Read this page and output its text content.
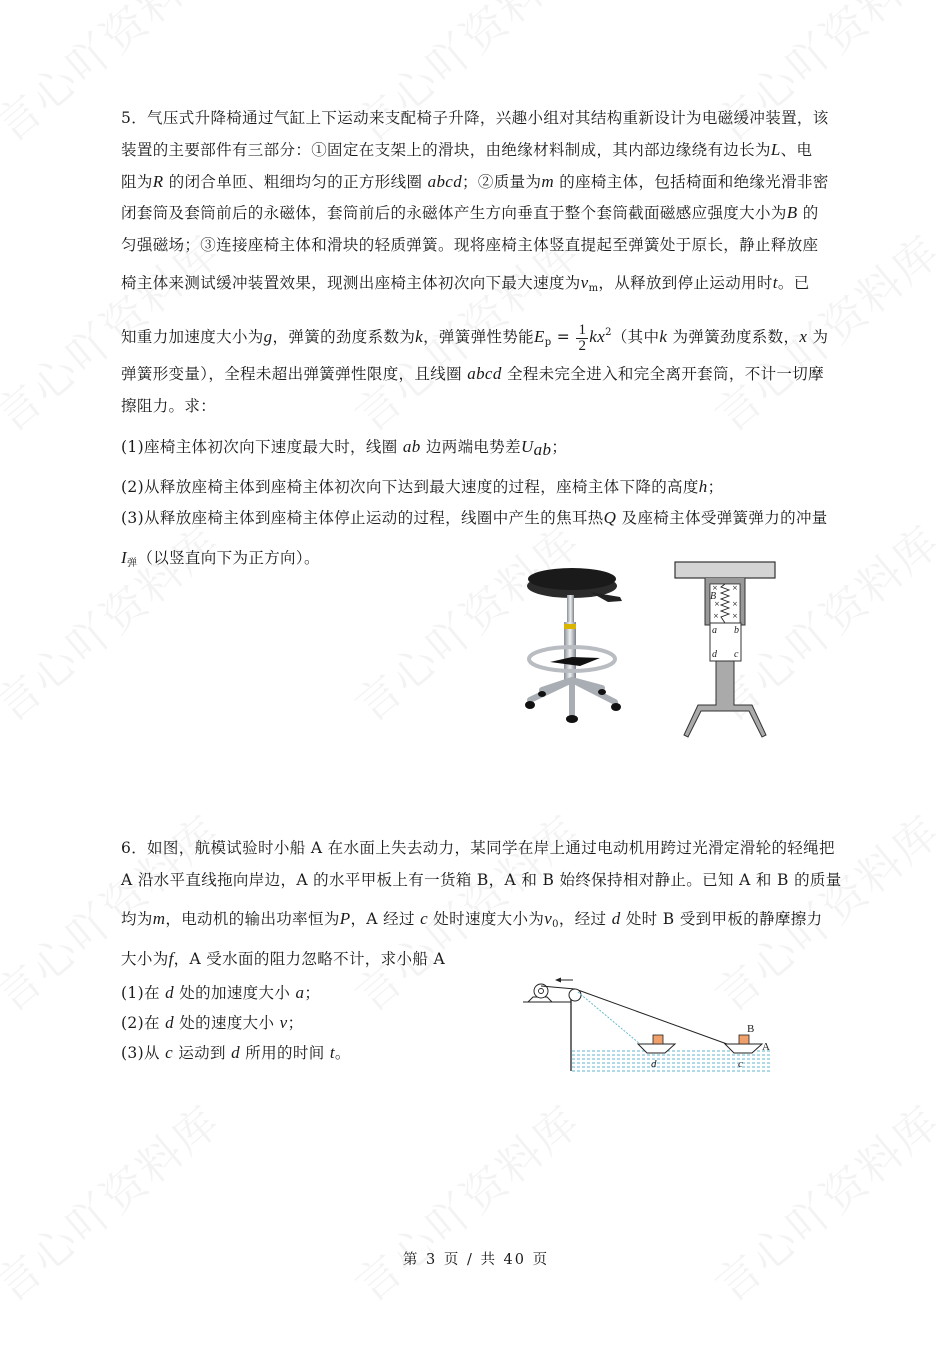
5．气压式升降椅通过气缸上下运动来支配椅子升降，兴趣小组对其结构重新设计为电磁缓冲装置，该
装置的主要部件有三部分：①固定在支架上的滑块，由绝缘材料制成，其内部边缘绕有边长为L、电
阻为R 的闭合单匝、粗细均匀的正方形线圈 abcd；②质量为m 的座椅主体，包括椅面和绝缘光滑非密
闭套筒及套筒前后的永磁体，套筒前后的永磁体产生方向垂直于整个套筒截面磁感应强度大小为B 的
匀强磁场；③连接座椅主体和滑块的轻质弹簧。现将座椅主体竖直提起至弹簧处于原长，静止释放座
椅主体来测试缓冲装置效果，现测出座椅主体初次向下最大速度为$v_m$，从释放到停止运动用时t。已
知重力加速度大小为g，弹簧的劲度系数为k，弹簧弹性势能$E_p = \frac{1}{2} kx^2$（其中k 为弹簧劲度系数，x 为
弹簧形变量），全程未超出弹簧弹性限度，且线圈 abcd 全程未完全进入和完全离开套筒，不计一切摩
擦阻力。求：
(1)座椅主体初次向下速度最大时，线圈 ab 边两端电势差$U_{ab}$；
(2)从释放座椅主体到座椅主体初次向下达到最大速度的过程，座椅主体下降的高度h；
(3)从释放座椅主体到座椅主体停止运动的过程，线圈中产生的焦耳热Q 及座椅主体受弹簧弹力的冲量
$I_弹$（以竖直向下为正方向）。
× ×
× ×
× ×
B
a b
d c
6．如图，航模试验时小船 A 在水面上失去动力，某同学在岸上通过电动机用跨过光滑定滑轮的轻绳把
A 沿水平直线拖向岸边，A 的水平甲板上有一货箱 B，A 和 B 始终保持相对静止。已知 A 和 B 的质量
均为m，电动机的输出功率恒为P，A 经过 c 处时速度大小为$v_0$，经过 d 处时 B 受到甲板的静摩擦力
大小为f，A 受水面的阻力忽略不计，求小船 A
(1)在 d 处的加速度大小 a；
(2)在 d 处的速度大小 v；
(3)从 c 运动到 d 所用的时间 t。
d	c
B
A
第 3 页 / 共 40 页
